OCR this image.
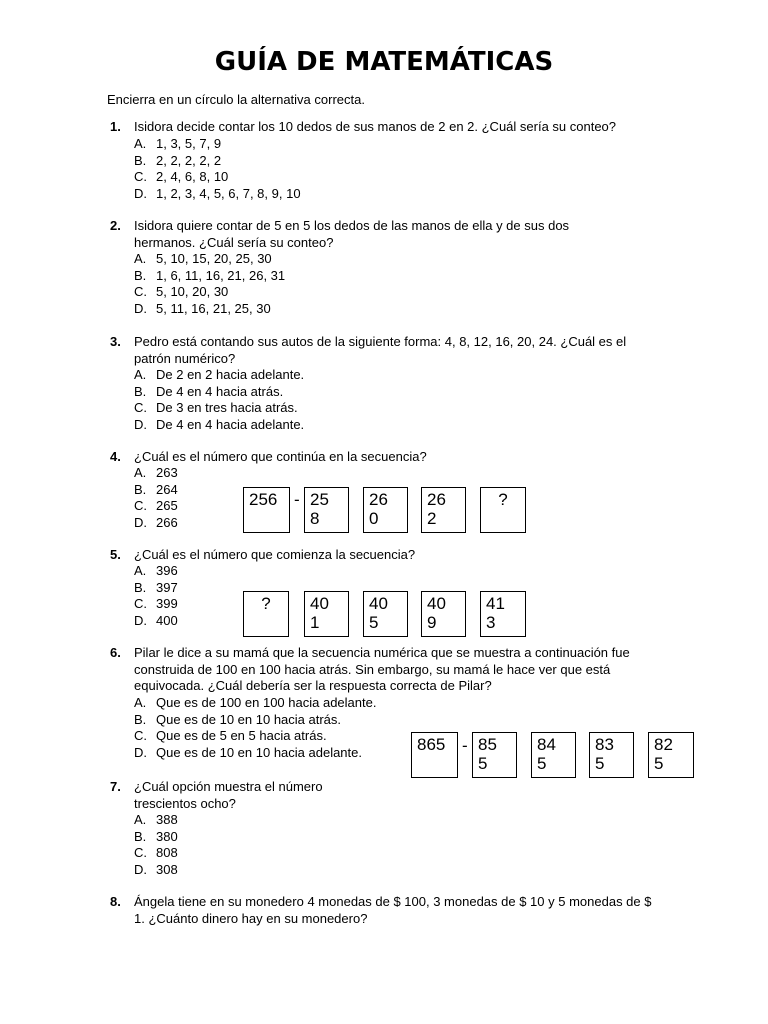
GUÍA DE MATEMÁTICAS
Encierra en un círculo la alternativa correcta.
1. Isidora decide contar los 10 dedos de sus manos de 2 en 2. ¿Cuál sería su conteo?
A. 1, 3, 5, 7, 9
B. 2, 2, 2, 2, 2
C. 2, 4, 6, 8, 10
D. 1, 2, 3, 4, 5, 6, 7, 8, 9, 10
2. Isidora quiere contar de 5 en 5 los dedos de las manos de ella y de sus dos hermanos. ¿Cuál sería su conteo?
A. 5, 10, 15, 20, 25, 30
B. 1, 6, 11, 16, 21, 26, 31
C. 5, 10, 20, 30
D. 5, 11, 16, 21, 25, 30
3. Pedro está contando sus autos de la siguiente forma: 4, 8, 12, 16, 20, 24. ¿Cuál es el patrón numérico?
A. De 2 en 2 hacia adelante.
B. De 4 en 4 hacia atrás.
C. De 3 en tres hacia atrás.
D. De 4 en 4 hacia adelante.
4. ¿Cuál es el número que continúa en la secuencia?
A. 263
B. 264
C. 265
D. 266
256 - 25
8
26
0
26
2
?
5. ¿Cuál es el número que comienza la secuencia?
A. 396
B. 397
C. 399
D. 400
?	40
1
40
5
40
9
41
3
6. Pilar le dice a su mamá que la secuencia numérica que se muestra a continuación fue construida de 100 en 100 hacia atrás. Sin embargo, su mamá le hace ver que está equivocada. ¿Cuál debería ser la respuesta correcta de Pilar?
A. Que es de 100 en 100 hacia adelante.
B. Que es de 10 en 10 hacia atrás.
C. Que es de 5 en 5 hacia atrás.
D. Que es de 10 en 10 hacia adelante.	865 - 85
5
84
5
83
5
82
5
7. ¿Cuál opción muestra el número trescientos ocho?
A. 388
B. 380
C. 808
D. 308
8. Ángela tiene en su monedero 4 monedas de $ 100, 3 monedas de $ 10 y 5 monedas de $ 1. ¿Cuánto dinero hay en su monedero?
